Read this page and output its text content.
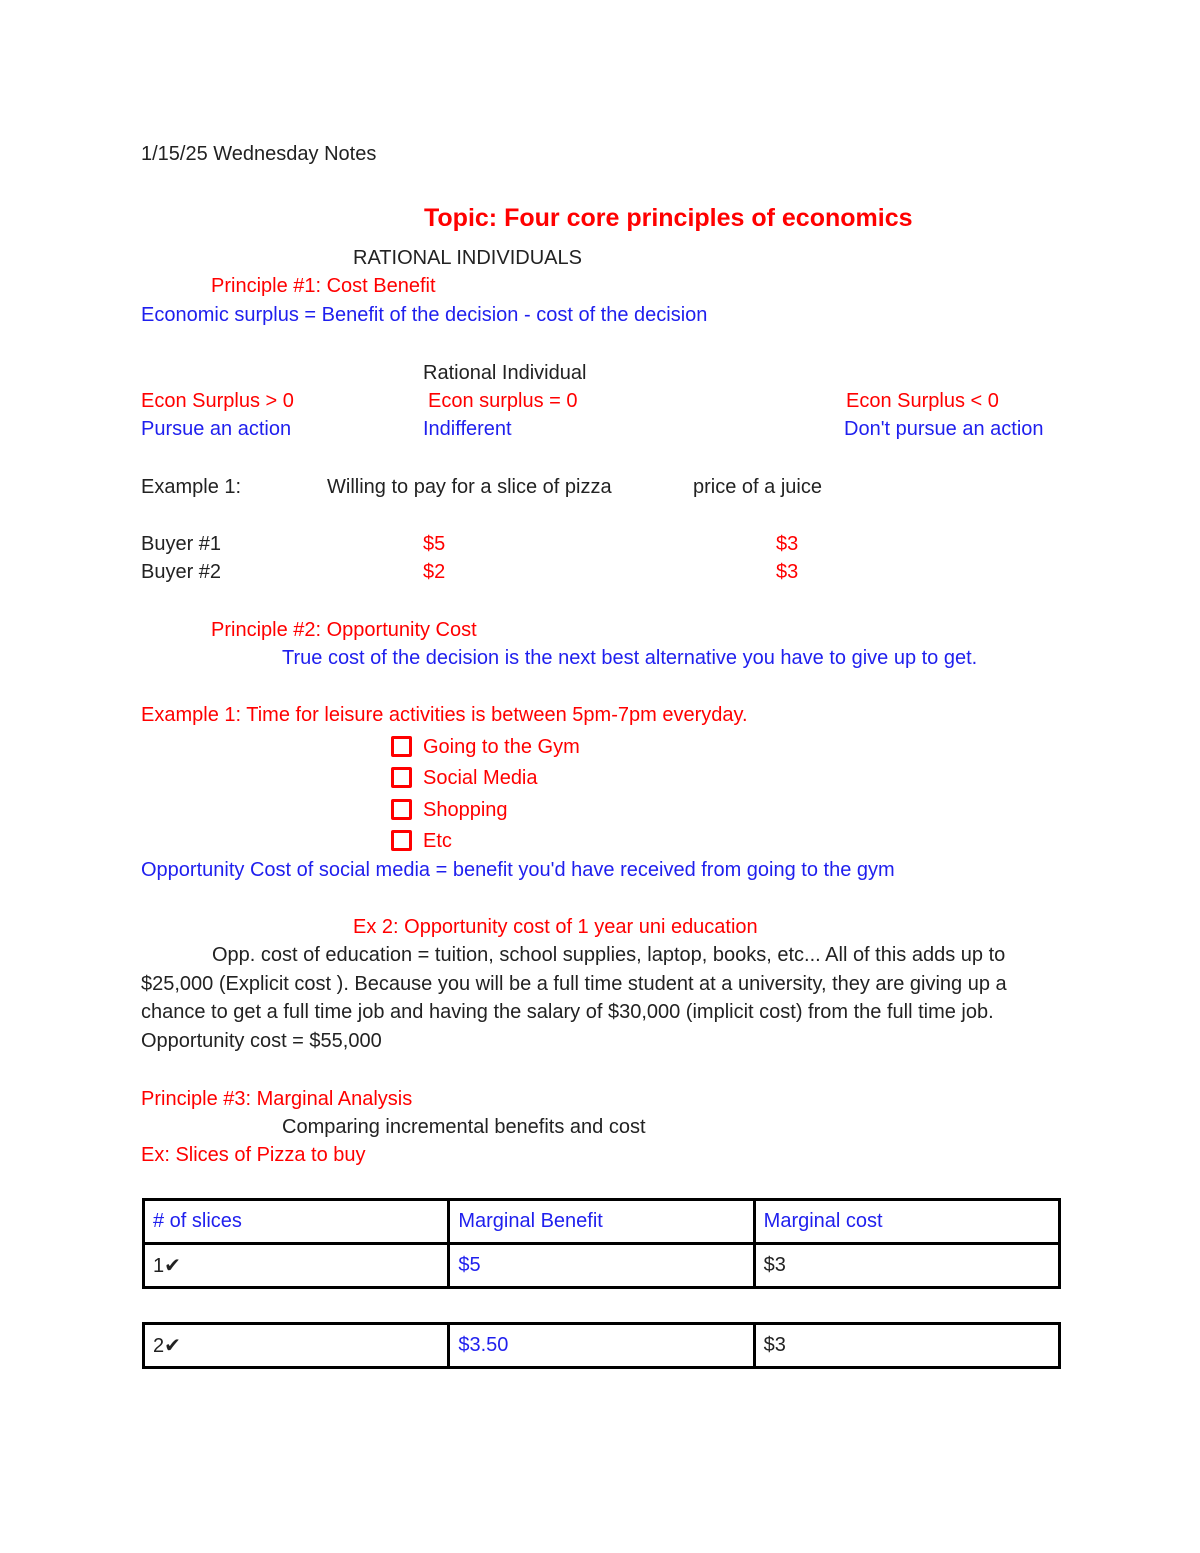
1/15/25 Wednesday Notes
Topic: Four core principles of economics
RATIONAL INDIVIDUALS
Principle #1: Cost Benefit
Economic surplus = Benefit of the decision - cost of the decision
Rational Individual
Econ Surplus > 0	Econ surplus = 0	Econ Surplus < 0
Pursue an action	Indifferent	Don't pursue an action
Example 1:	Willing to pay for a slice of pizza	price of a juice
Buyer #1	$5	$3
Buyer #2	$2	$3
Principle #2: Opportunity Cost
True cost of the decision is the next best alternative you have to give up to get.
Example 1: Time for leisure activities is between 5pm-7pm everyday.
Going to the Gym
Social Media
Shopping
Etc
Opportunity Cost of social media = benefit you'd have received from going to the gym
Ex 2: Opportunity cost of 1 year uni education
Opp. cost of education = tuition, school supplies, laptop, books, etc... All of this adds up to $25,000 (Explicit cost ). Because you will be a full time student at a university, they are giving up a chance to get a full time job and having the salary of $30,000 (implicit cost) from the full time job. Opportunity cost = $55,000
Principle #3: Marginal Analysis
Comparing incremental benefits and cost
Ex: Slices of Pizza to buy
# of slices	Marginal Benefit	Marginal cost
1✔	$5	$3
2✔	$3.50	$3
